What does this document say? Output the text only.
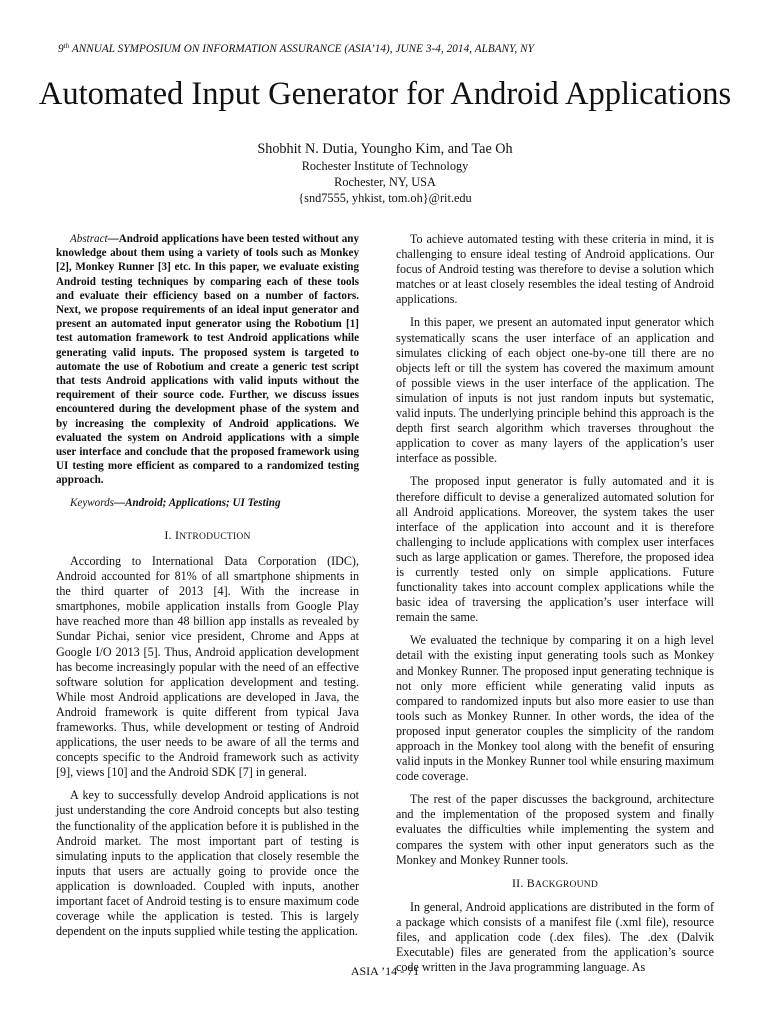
9th ANNUAL SYMPOSIUM ON INFORMATION ASSURANCE (ASIA’14), JUNE 3-4, 2014, ALBANY, NY
Automated Input Generator for Android Applications
Shobhit N. Dutia, Youngho Kim, and Tae Oh
Rochester Institute of Technology
Rochester, NY, USA
{snd7555, yhkist, tom.oh}@rit.edu

Abstract—Android applications have been tested without any knowledge about them using a variety of tools such as Monkey [2], Monkey Runner [3] etc. In this paper, we evaluate existing Android testing techniques by comparing each of these tools and evaluate their efficiency based on a number of factors. Next, we propose requirements of an ideal input generator and present an automated input generator using the Robotium [1] test automation framework to test Android applications while generating valid inputs. The proposed system is targeted to automate the use of Robotium and create a generic test script that tests Android applications with valid inputs without the requirement of their source code. Further, we discuss issues encountered during the development phase of the system and by increasing the complexity of Android applications. We evaluated the system on Android applications with a simple user interface and conclude that the proposed framework using UI testing more efficient as compared to a randomized testing approach.

Keywords—Android; Applications; UI Testing

I. INTRODUCTION

According to International Data Corporation (IDC), Android accounted for 81% of all smartphone shipments in the third quarter of 2013 [4]. With the increase in smartphones, mobile application installs from Google Play have reached more than 48 billion app installs as revealed by Sundar Pichai, senior vice president, Chrome and Apps at Google I/O 2013 [5]. Thus, Android application development has become increasingly popular with the need of an effective software solution for application development and testing. While most Android applications are developed in Java, the Android framework is quite different from typical Java frameworks. Thus, while development or testing of Android applications, the user needs to be aware of all the terms and concepts specific to the Android framework such as activity [9], views [10] and the Android SDK [7] in general.

A key to successfully develop Android applications is not just understanding the core Android concepts but also testing the functionality of the application before it is published in the Android market. The most important part of testing is simulating inputs to the application that closely resemble the inputs that users are actually going to provide once the application is downloaded. Coupled with inputs, another important facet of Android testing is to ensure maximum code coverage while the application is tested. This is largely dependent on the inputs supplied while testing the application.

To achieve automated testing with these criteria in mind, it is challenging to ensure ideal testing of Android applications. Our focus of Android testing was therefore to devise a solution which matches or at least closely resembles the ideal testing of Android applications.

In this paper, we present an automated input generator which systematically scans the user interface of an application and simulates clicking of each object one-by-one till there are no objects left or till the system has covered the maximum amount of possible views in the user interface of the application. The simulation of inputs is not just random inputs but systematic, valid inputs. The underlying principle behind this approach is the depth first search algorithm which traverses throughout the application to cover as many layers of the application’s user interface as possible.

The proposed input generator is fully automated and it is therefore difficult to devise a generalized automated solution for all Android applications. Moreover, the system takes the user interface of the application into account and it is therefore challenging to include applications with complex user interfaces such as large application or games. Therefore, the proposed idea is currently tested only on simple applications. Future functionality takes into account complex applications while the basic idea of traversing the application’s user interface will remain the same.

We evaluated the technique by comparing it on a high level detail with the existing input generating tools such as Monkey and Monkey Runner. The proposed input generating technique is not only more efficient while generating valid inputs as compared to randomized inputs but also more easier to use than tools such as Monkey Runner. In other words, the idea of the proposed input generator couples the simplicity of the random approach in the Monkey tool along with the benefit of ensuring valid inputs in the Monkey Runner tool while ensuring maximum code coverage.

The rest of the paper discusses the background, architecture and the implementation of the proposed system and finally evaluates the difficulties while implementing the system and compares the system with other input generators such as the Monkey and Monkey Runner tools.

II. BACKGROUND

In general, Android applications are distributed in the form of a package which consists of a manifest file (.xml file), resource files, and application code (.dex files). The .dex (Dalvik Executable) files are generated from the application’s source code written in the Java programming language. As

ASIA ’14 - 71
